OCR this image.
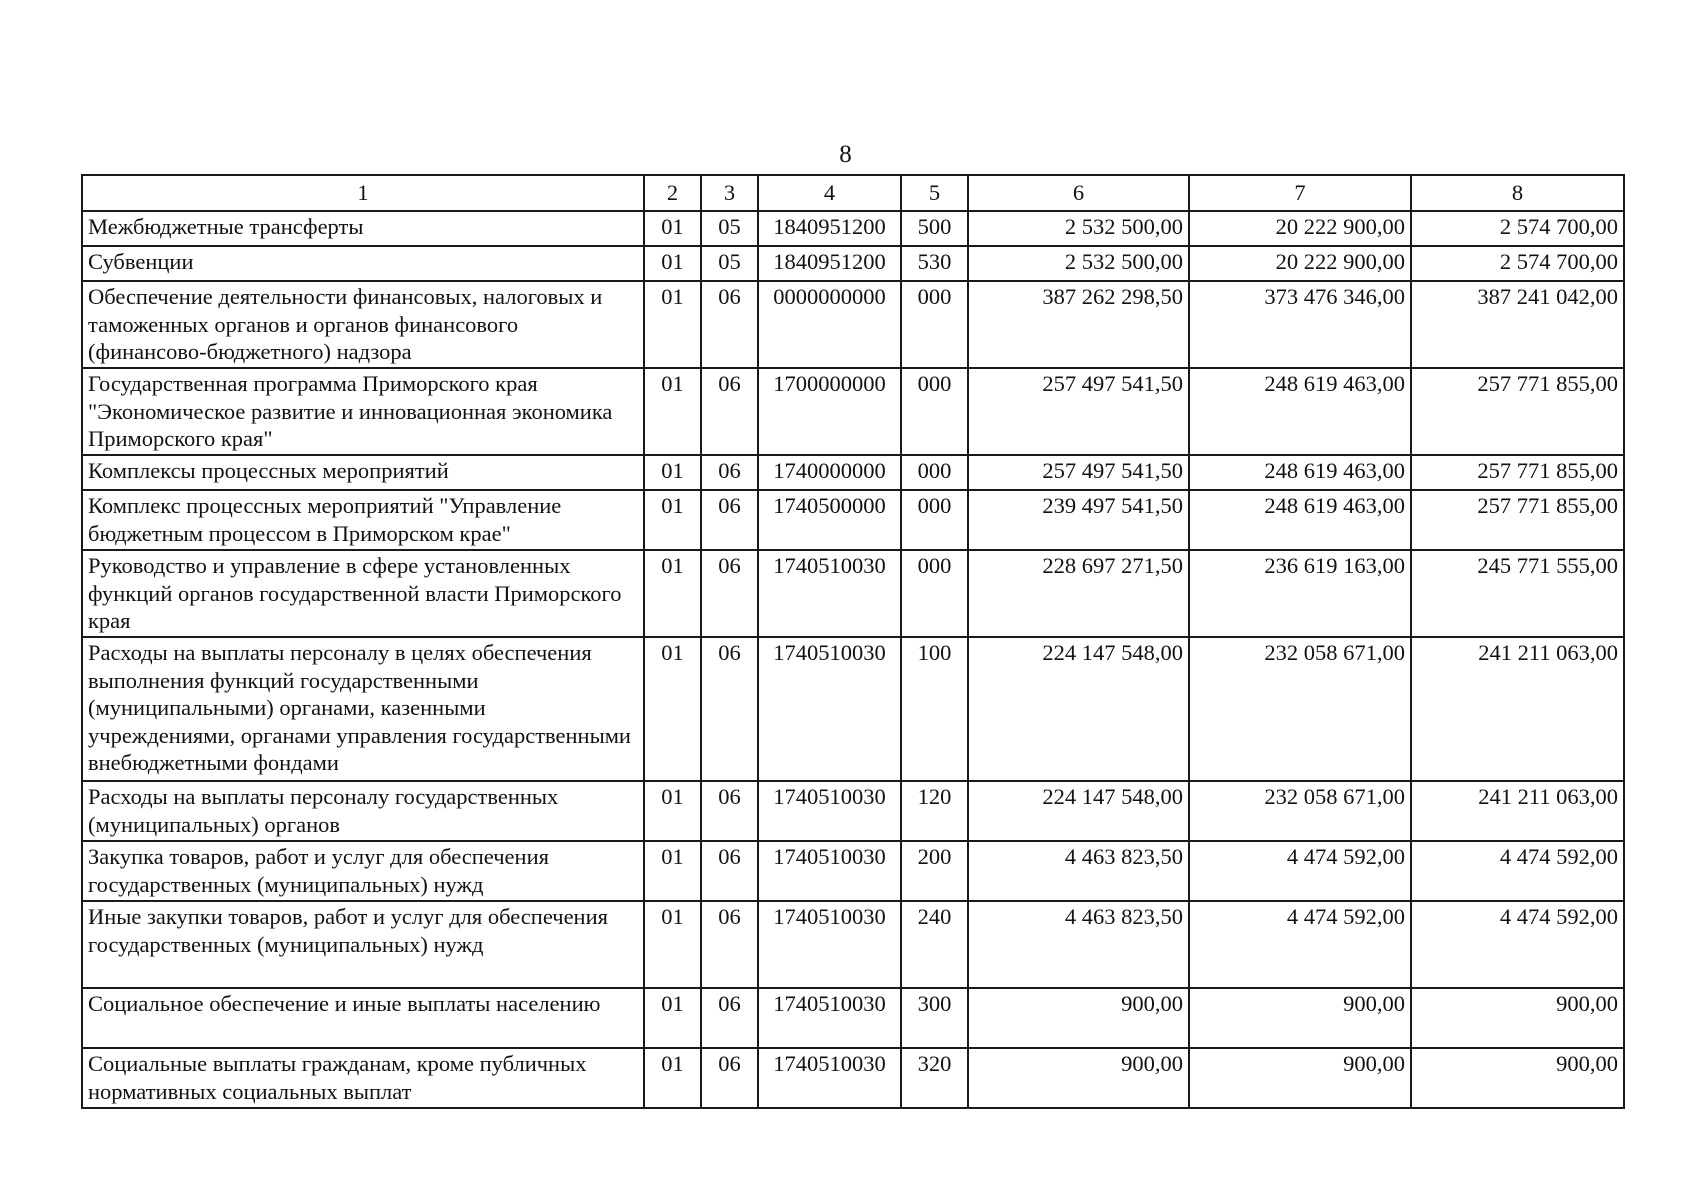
8
1	2	3	4	5	6	7	8
Межбюджетные трансферты	01	05	1840951200	500	2 532 500,00	20 222 900,00	2 574 700,00
Субвенции	01	05	1840951200	530	2 532 500,00	20 222 900,00	2 574 700,00
Обеспечение деятельности финансовых, налоговых и таможенных органов и органов финансового (финансово-бюджетного) надзора	01	06	0000000000	000	387 262 298,50	373 476 346,00	387 241 042,00
Государственная программа Приморского края "Экономическое развитие и инновационная экономика Приморского края"	01	06	1700000000	000	257 497 541,50	248 619 463,00	257 771 855,00
Комплексы процессных мероприятий	01	06	1740000000	000	257 497 541,50	248 619 463,00	257 771 855,00
Комплекс процессных мероприятий "Управление бюджетным процессом в Приморском крае"	01	06	1740500000	000	239 497 541,50	248 619 463,00	257 771 855,00
Руководство и управление в сфере установленных функций органов государственной власти Приморского края	01	06	1740510030	000	228 697 271,50	236 619 163,00	245 771 555,00
Расходы на выплаты персоналу в целях обеспечения выполнения функций государственными (муниципальными) органами, казенными учреждениями, органами управления государственными внебюджетными фондами	01	06	1740510030	100	224 147 548,00	232 058 671,00	241 211 063,00
Расходы на выплаты персоналу государственных (муниципальных) органов	01	06	1740510030	120	224 147 548,00	232 058 671,00	241 211 063,00
Закупка товаров, работ и услуг для обеспечения государственных (муниципальных) нужд	01	06	1740510030	200	4 463 823,50	4 474 592,00	4 474 592,00
Иные закупки товаров, работ и услуг для обеспечения государственных (муниципальных) нужд	01	06	1740510030	240	4 463 823,50	4 474 592,00	4 474 592,00
Социальное обеспечение и иные выплаты населению	01	06	1740510030	300	900,00	900,00	900,00
Социальные выплаты гражданам, кроме публичных нормативных социальных выплат	01	06	1740510030	320	900,00	900,00	900,00
